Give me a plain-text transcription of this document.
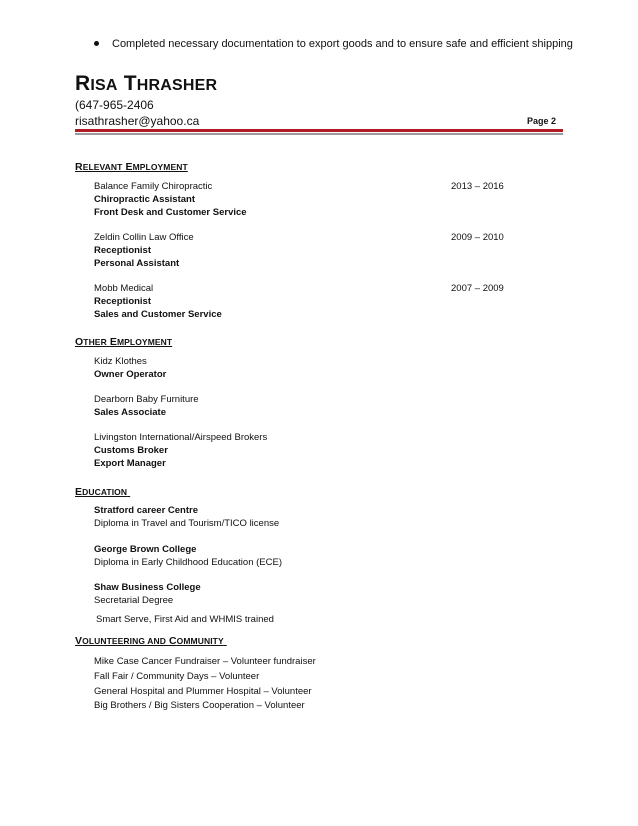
Completed necessary documentation to export goods and to ensure safe and efficient shipping
RISA THRASHER
(647-965-2406
risathrasher@yahoo.ca	Page 2
RELEVANT EMPLOYMENT
Balance Family Chiropractic	2013 – 2016
Chiropractic Assistant
Front Desk and Customer Service
Zeldin Collin Law Office	2009 – 2010
Receptionist
Personal Assistant
Mobb Medical	2007 – 2009
Receptionist
Sales and Customer Service
OTHER EMPLOYMENT
Kidz Klothes
Owner Operator
Dearborn Baby Furniture
Sales Associate
Livingston International/Airspeed Brokers
Customs Broker
Export Manager
EDUCATION
Stratford career Centre
Diploma in Travel and Tourism/TICO license
George Brown College
Diploma in Early Childhood Education (ECE)
Shaw Business College
Secretarial Degree
Smart Serve, First Aid and WHMIS trained
VOLUNTEERING AND COMMUNITY
Mike Case Cancer Fundraiser – Volunteer fundraiser
Fall Fair / Community Days – Volunteer
General Hospital and Plummer Hospital – Volunteer
Big Brothers / Big Sisters Cooperation – Volunteer
